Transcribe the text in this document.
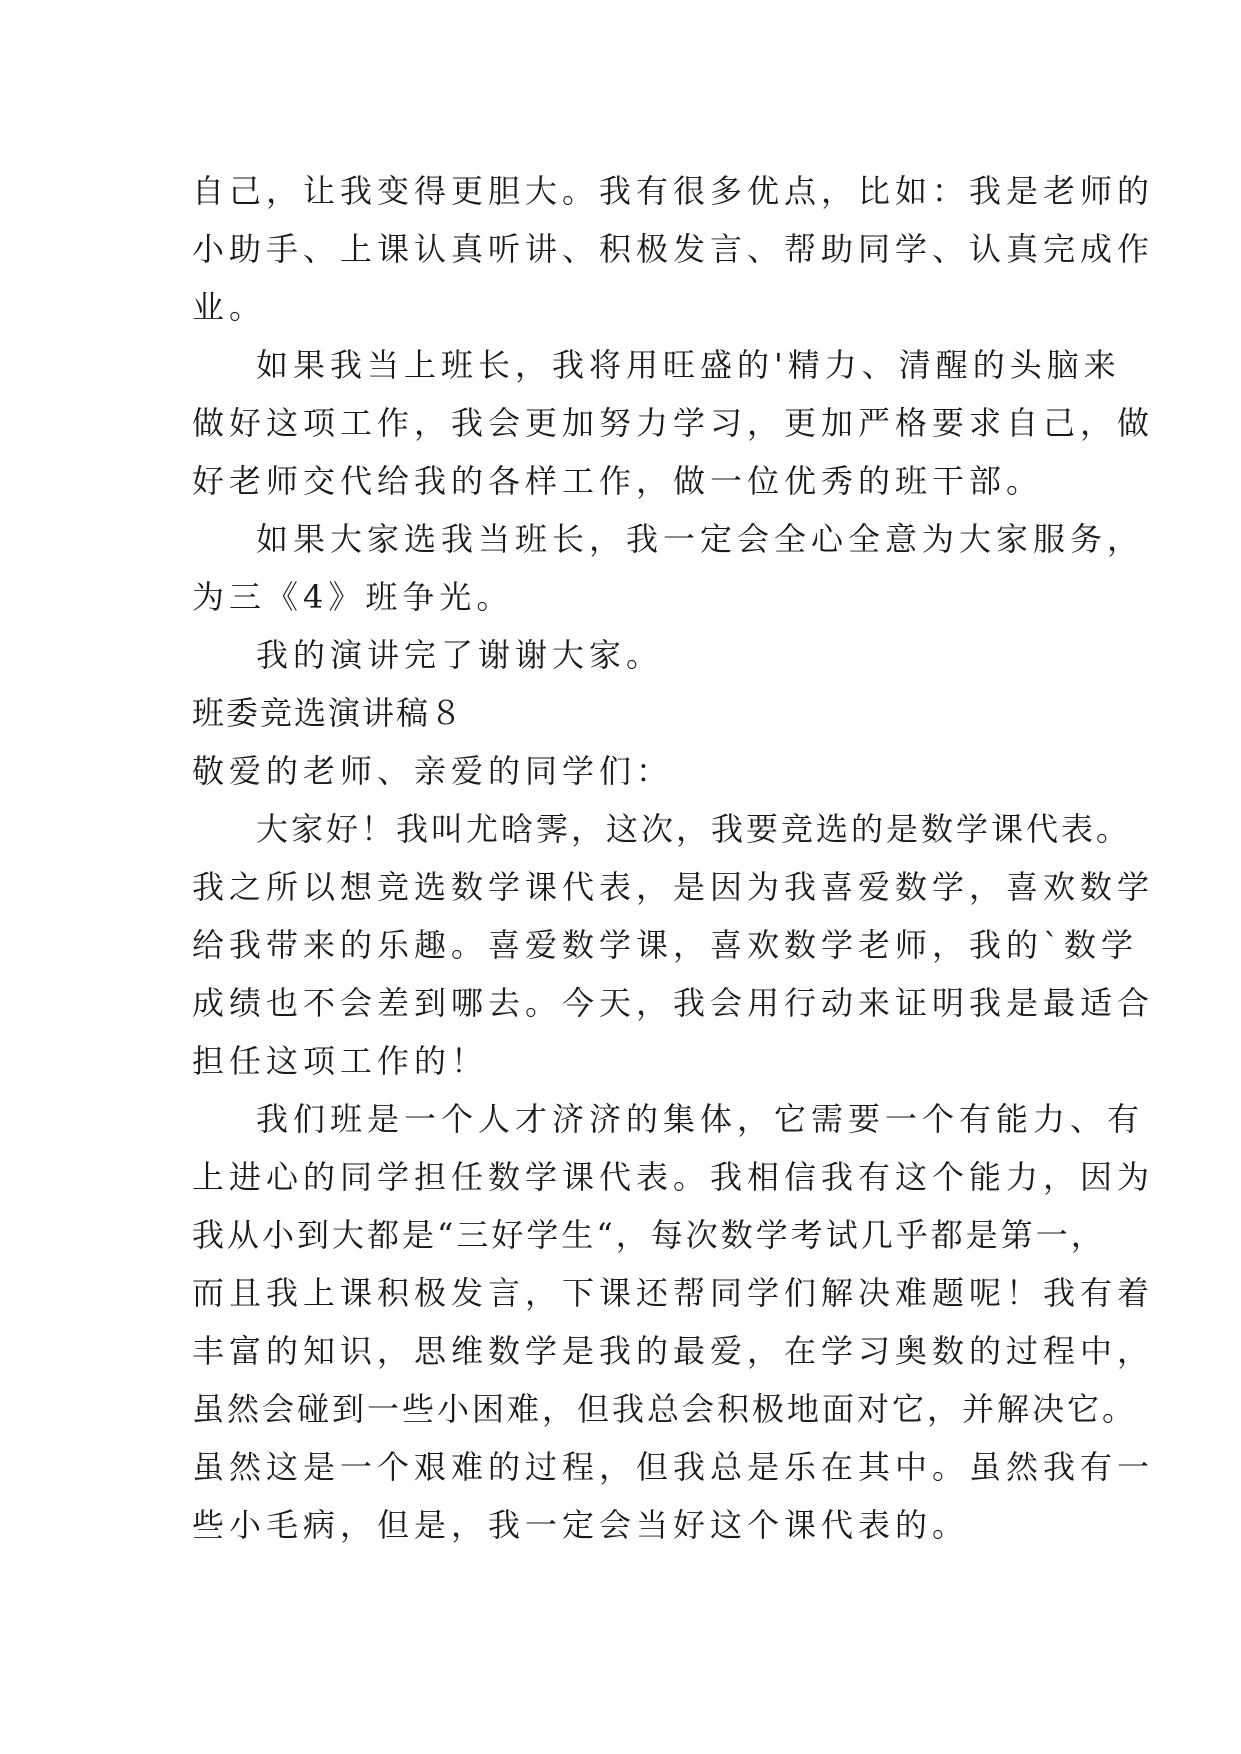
自己，让我变得更胆大。我有很多优点，比如：我是老师的
小助手、上课认真听讲、积极发言、帮助同学、认真完成作
业。
如果我当上班长，我将用旺盛的'精力、清醒的头脑来
做好这项工作，我会更加努力学习，更加严格要求自己，做
好老师交代给我的各样工作，做一位优秀的班干部。
如果大家选我当班长，我一定会全心全意为大家服务，
为三《4》班争光。
我的演讲完了谢谢大家。
班委竞选演讲稿８
敬爱的老师、亲爱的同学们：
大家好！我叫尤晗霁，这次，我要竞选的是数学课代表。
我之所以想竞选数学课代表，是因为我喜爱数学，喜欢数学
给我带来的乐趣。喜爱数学课，喜欢数学老师，我的`数学
成绩也不会差到哪去。今天，我会用行动来证明我是最适合
担任这项工作的！
我们班是一个人才济济的集体，它需要一个有能力、有
上进心的同学担任数学课代表。我相信我有这个能力，因为
我从小到大都是“三好学生“，每次数学考试几乎都是第一，
而且我上课积极发言，下课还帮同学们解决难题呢！我有着
丰富的知识，思维数学是我的最爱，在学习奥数的过程中，
虽然会碰到一些小困难，但我总会积极地面对它，并解决它。
虽然这是一个艰难的过程，但我总是乐在其中。虽然我有一
些小毛病，但是，我一定会当好这个课代表的。
